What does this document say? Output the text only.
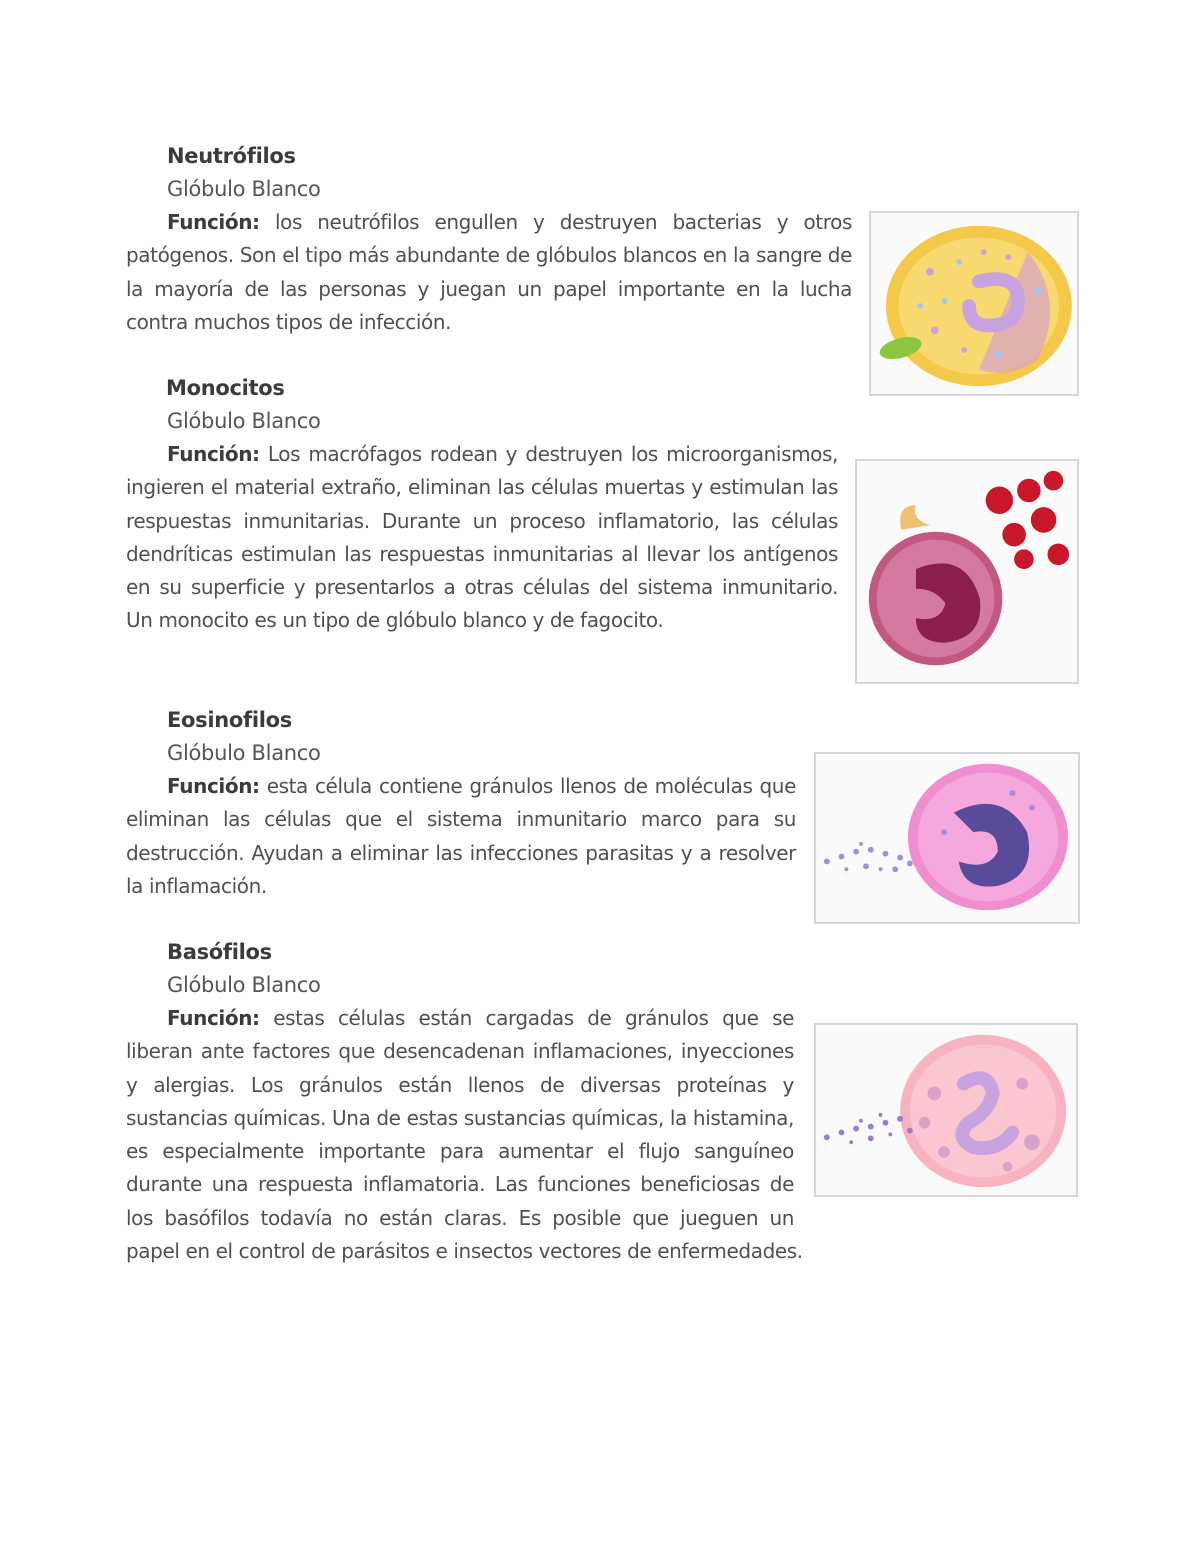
Neutrófilos
Glóbulo Blanco
Función: los neutrófilos engullen y destruyen bacterias y otros patógenos. Son el tipo más abundante de glóbulos blancos en la sangre de la mayoría de las personas y juegan un papel importante en la lucha contra muchos tipos de infección.
Monocitos
Glóbulo Blanco
Función: Los macrófagos rodean y destruyen los microorganismos, ingieren el material extraño, eliminan las células muertas y estimulan las respuestas inmunitarias. Durante un proceso inflamatorio, las células dendríticas estimulan las respuestas inmunitarias al llevar los antígenos en su superficie y presentarlos a otras células del sistema inmunitario. Un monocito es un tipo de glóbulo blanco y de fagocito.
Eosinofilos
Glóbulo Blanco
Función: esta célula contiene gránulos llenos de moléculas que eliminan las células que el sistema inmunitario marco para su destrucción. Ayudan a eliminar las infecciones parasitas y a resolver la inflamación.
Basófilos
Glóbulo Blanco
Función: estas células están cargadas de gránulos que se liberan ante factores que desencadenan inflamaciones, inyecciones y alergias. Los gránulos están llenos de diversas proteínas y sustancias químicas. Una de estas sustancias químicas, la histamina, es especialmente importante para aumentar el flujo sanguíneo durante una respuesta inflamatoria. Las funciones beneficiosas de los basófilos todavía no están claras. Es posible que jueguen un papel en el control de parásitos e insectos vectores de enfermedades.
